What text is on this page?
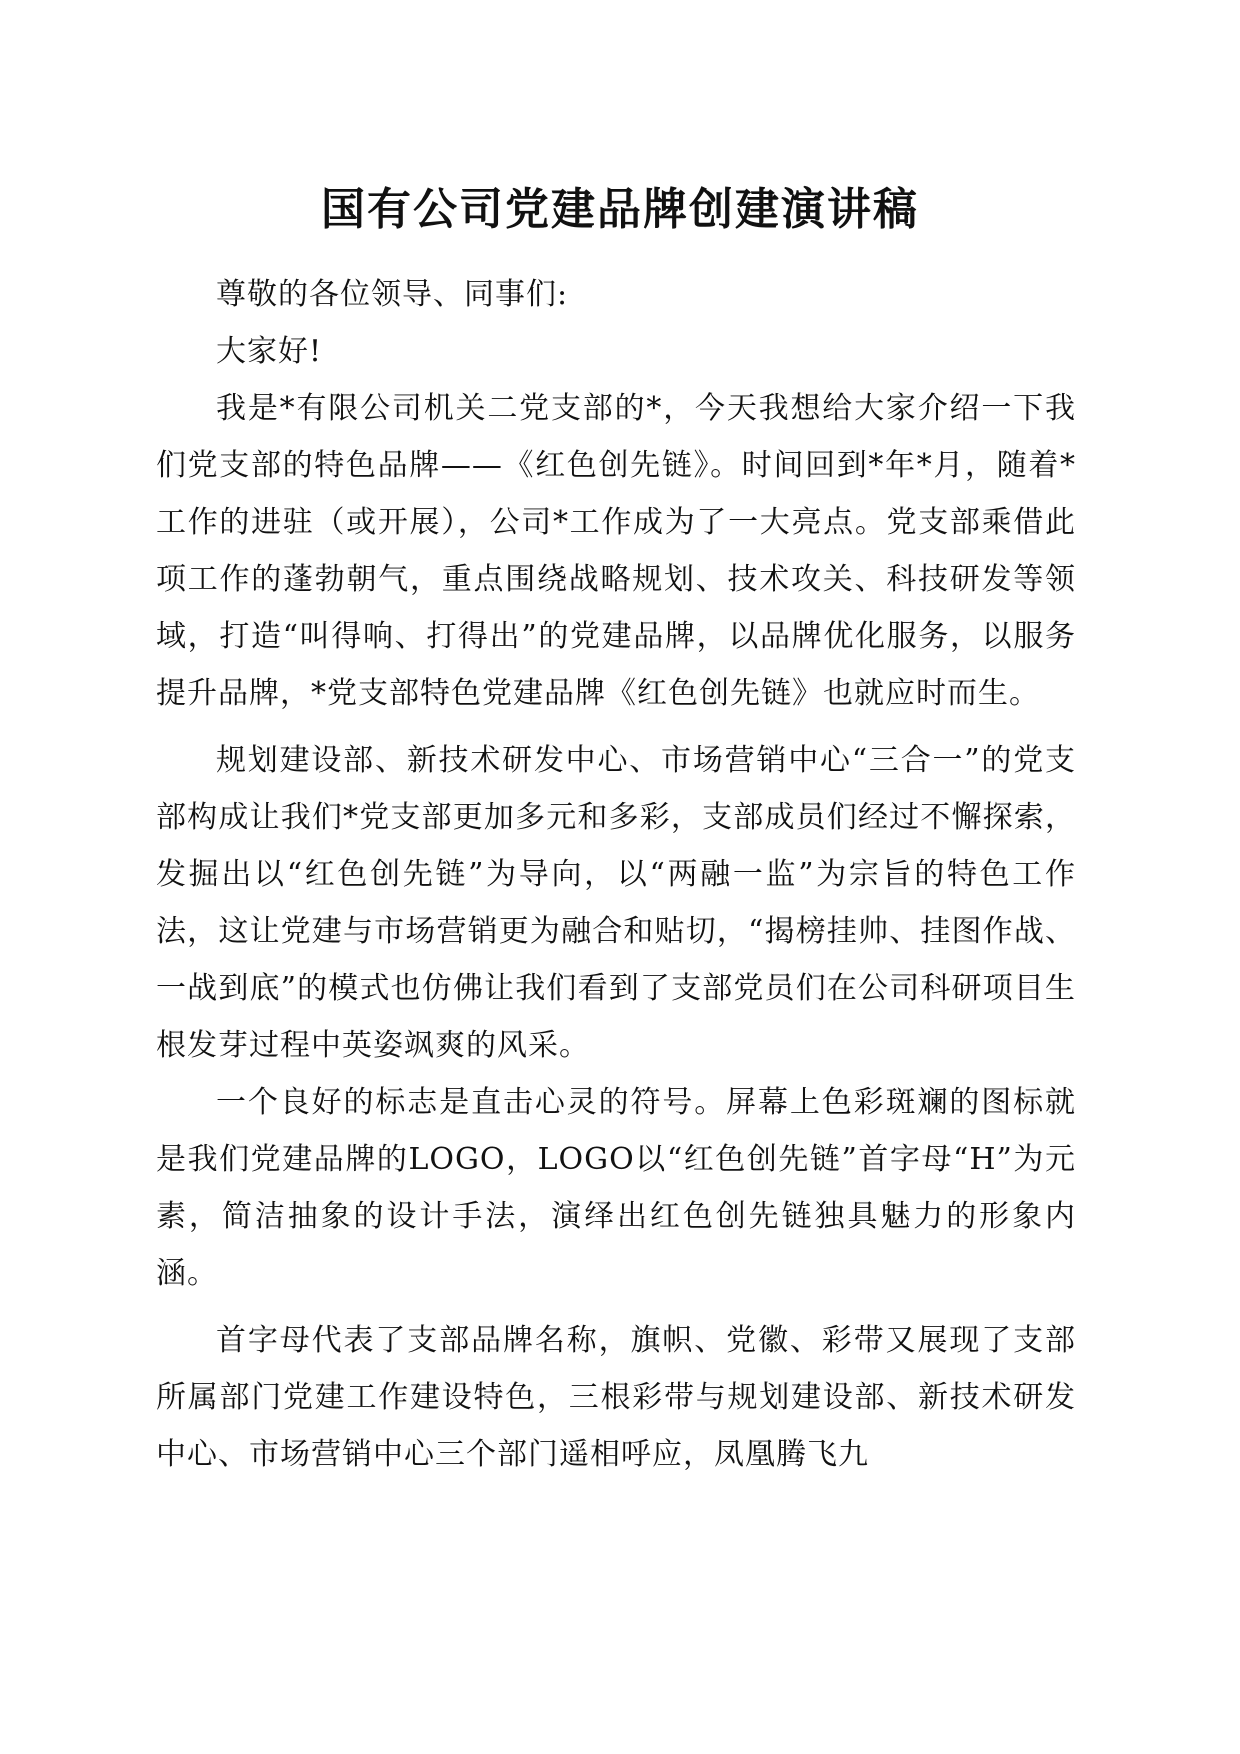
国有公司党建品牌创建演讲稿

尊敬的各位领导、同事们:

大家好!

我是*有限公司机关二党支部的*，今天我想给大家介绍一下我们党支部的特色品牌——《红色创先链》。时间回到*年*月，随着*工作的进驻（或开展），公司*工作成为了一大亮点。党支部乘借此项工作的蓬勃朝气，重点围绕战略规划、技术攻关、科技研发等领域，打造“叫得响、打得出”的党建品牌，以品牌优化服务，以服务提升品牌，*党支部特色党建品牌《红色创先链》也就应时而生。

规划建设部、新技术研发中心、市场营销中心“三合一”的党支部构成让我们*党支部更加多元和多彩，支部成员们经过不懈探索，发掘出以“红色创先链”为导向，以“两融一监”为宗旨的特色工作法，这让党建与市场营销更为融合和贴切，“揭榜挂帅、挂图作战、一战到底”的模式也仿佛让我们看到了支部党员们在公司科研项目生根发芽过程中英姿飒爽的风采。

一个良好的标志是直击心灵的符号。屏幕上色彩斑斓的图标就是我们党建品牌的LOGO，LOGO以“红色创先链”首字母“H”为元素，简洁抽象的设计手法，演绎出红色创先链独具魅力的形象内涵。

首字母代表了支部品牌名称，旗帜、党徽、彩带又展现了支部所属部门党建工作建设特色，三根彩带与规划建设部、新技术研发中心、市场营销中心三个部门遥相呼应，凤凰腾飞九
